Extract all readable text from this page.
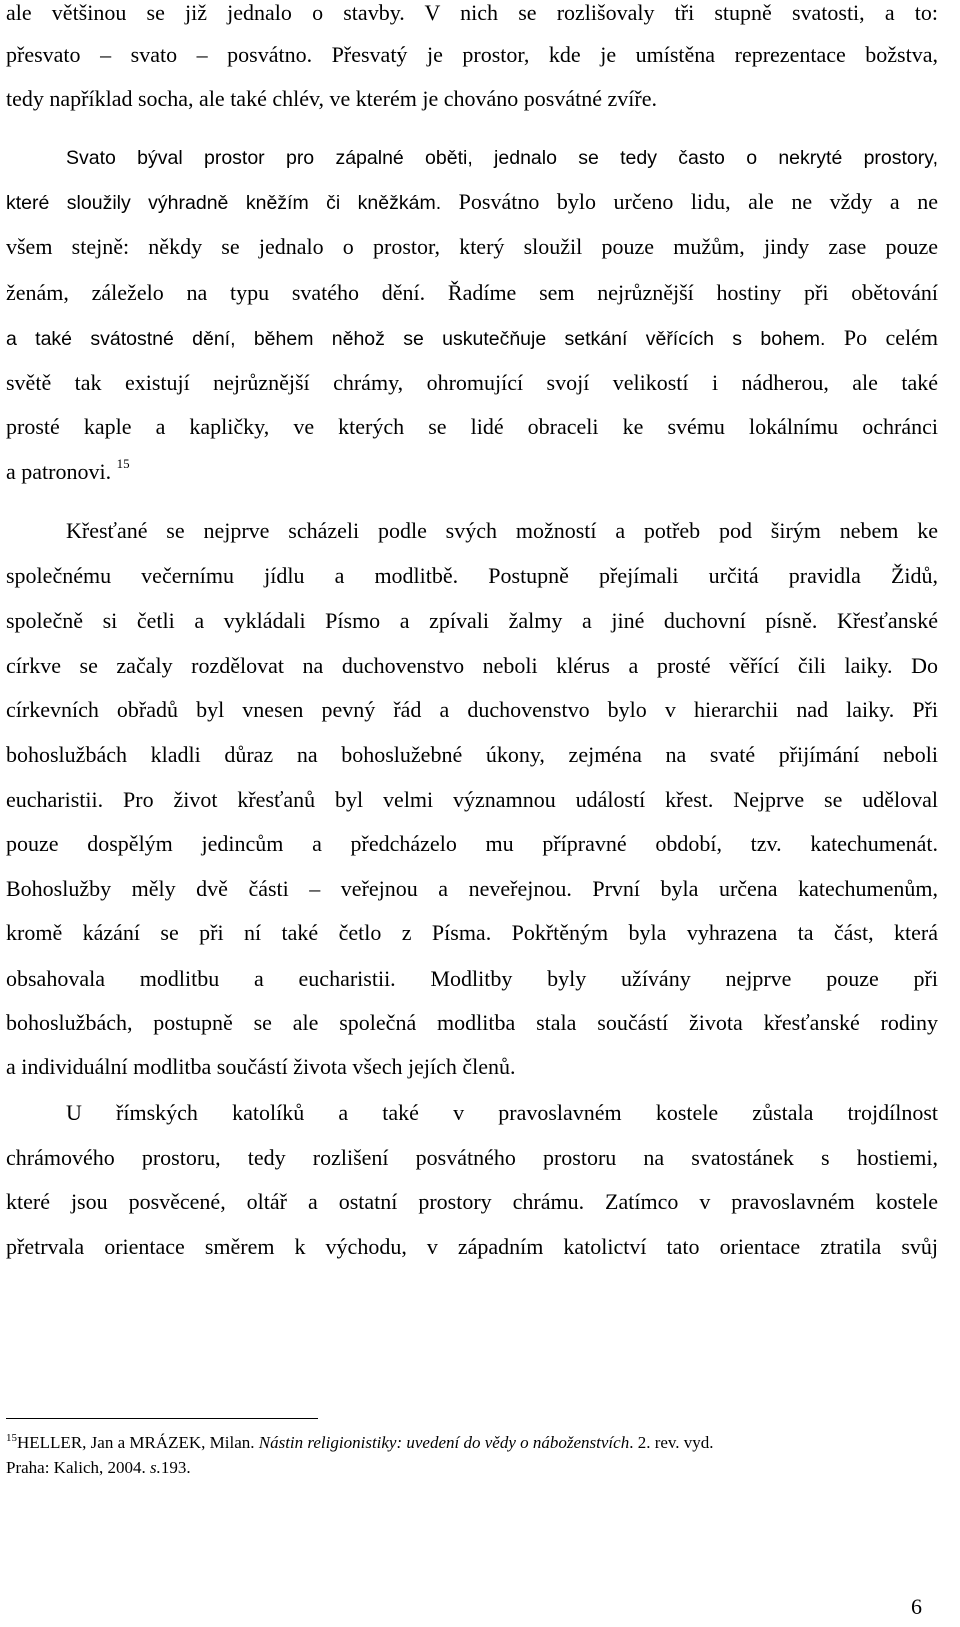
ale většinou se již jednalo o stavby. V nich se rozlišovaly tři stupně svatosti, a to:
přesvato – svato – posvátno. Přesvatý je prostor, kde je umístěna reprezentace božstva,
tedy například socha, ale také chlév, ve kterém je chováno posvátné zvíře.
Svato býval prostor pro zápalné oběti, jednalo se tedy často o nekryté prostory,
které sloužily výhradně kněžím či kněžkám. Posvátno bylo určeno lidu, ale ne vždy a ne
všem stejně: někdy se jednalo o prostor, který sloužil pouze mužům, jindy zase pouze
ženám, záleželo na typu svatého dění. Řadíme sem nejrůznější hostiny při obětování
a také svátostné dění, během něhož se uskutečňuje setkání věřících s bohem. Po celém
světě tak existují nejrůznější chrámy, ohromující svojí velikostí i nádherou, ale také
prosté kaple a kapličky, ve kterých se lidé obraceli ke svému lokálnímu ochránci
a patronovi. $^{15}$
Křesťané se nejprve scházeli podle svých možností a potřeb pod širým nebem ke
společnému večernímu jídlu a modlitbě. Postupně přejímali určitá pravidla Židů,
společně si četli a vykládali Písmo a zpívali žalmy a jiné duchovní písně. Křesťanské
církve se začaly rozdělovat na duchovenstvo neboli klérus a prosté věřící čili laiky. Do
církevních obřadů byl vnesen pevný řád a duchovenstvo bylo v hierarchii nad laiky. Při
bohoslužbách kladli důraz na bohoslužebné úkony, zejména na svaté přijímání neboli
eucharistii. Pro život křesťanů byl velmi významnou událostí křest. Nejprve se uděloval
pouze dospělým jedincům a předcházelo mu přípravné období, tzv. katechumenát.
Bohoslužby měly dvě části – veřejnou a neveřejnou. První byla určena katechumenům,
kromě kázání se při ní také četlo z Písma. Pokřtěným byla vyhrazena ta část, která
obsahovala modlitbu a eucharistii. Modlitby byly užívány nejprve pouze při
bohoslužbách, postupně se ale společná modlitba stala součástí života křesťanské rodiny
a individuální modlitba součástí života všech jejích členů.
U římských katolíků a také v pravoslavném kostele zůstala trojdílnost
chrámového prostoru, tedy rozlišení posvátného prostoru na svatostánek s hostiemi,
které jsou posvěcené, oltář a ostatní prostory chrámu. Zatímco v pravoslavném kostele
přetrvala orientace směrem k východu, v západním katolictví tato orientace ztratila svůj
$^{15}$HELLER, Jan a MRÁZEK, Milan. Nástin religionistiky: uvedení do vědy o náboženstvích. 2. rev. vyd.
Praha: Kalich, 2004. s.193.
6
